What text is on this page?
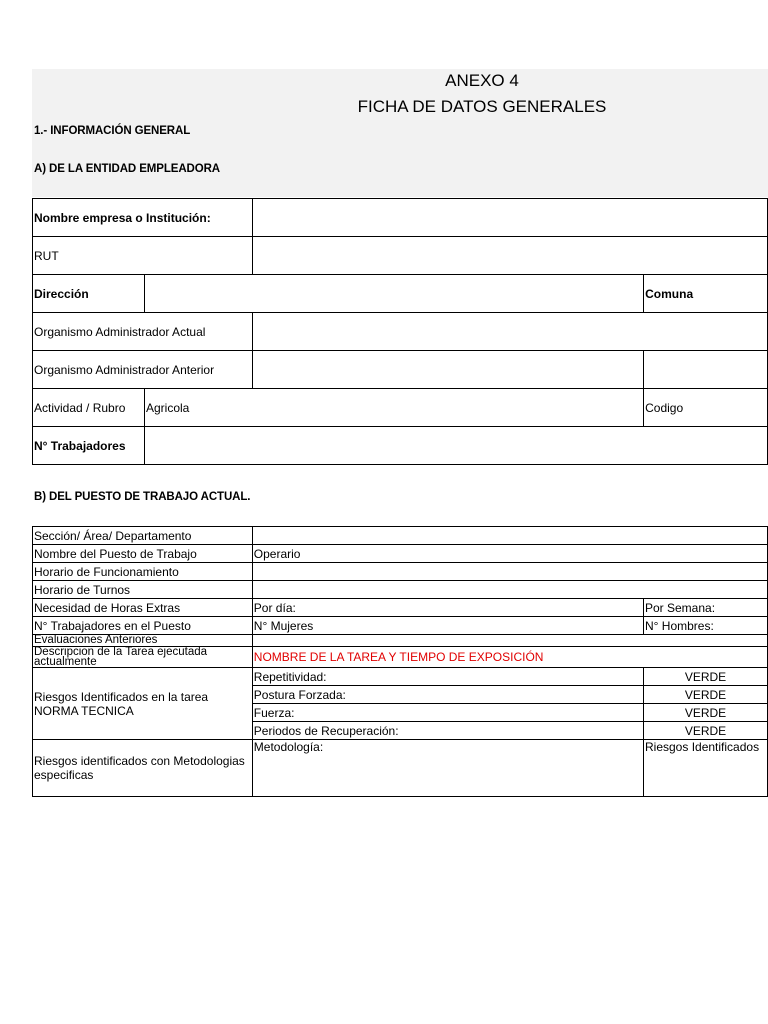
ANEXO 4
FICHA DE DATOS GENERALES
1.- INFORMACIÓN GENERAL
A) DE LA ENTIDAD EMPLEADORA
Nombre empresa o Institución:			
RUT			
Dirección			Comuna
Organismo Administrador Actual			
Organismo Administrador Anterior			
Actividad / Rubro	Agricola		Codigo
N° Trabajadores			
B) DEL PUESTO DE TRABAJO ACTUAL.
Sección/ Área/ Departamento		
Nombre del Puesto de Trabajo	Operario	
Horario de Funcionamiento		
Horario de Turnos		
Necesidad de Horas Extras	Por día:	Por Semana:
N° Trabajadores en el Puesto	N° Mujeres	N° Hombres:
Evaluaciones Anteriores		
Descripcion de la Tarea ejecutada actualmente	NOMBRE DE LA TAREA Y TIEMPO DE EXPOSICIÓN	
Riesgos Identificados en la tarea NORMA TECNICA	Repetitividad:	VERDE
	Postura Forzada:	VERDE
	Fuerza:	VERDE
	Periodos de Recuperación:	VERDE
Riesgos identificados con Metodologias especificas	Metodología:	Riesgos Identificados
